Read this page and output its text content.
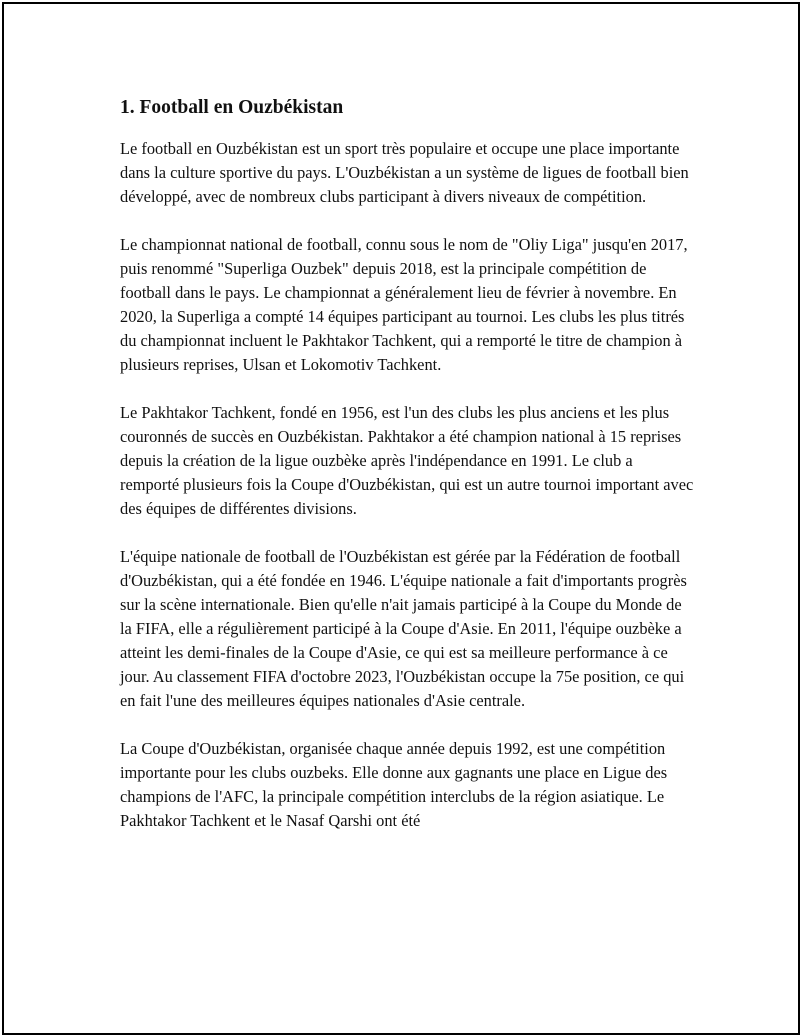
1. Football en Ouzbékistan

Le football en Ouzbékistan est un sport très populaire et occupe une place importante dans la culture sportive du pays. L'Ouzbékistan a un système de ligues de football bien développé, avec de nombreux clubs participant à divers niveaux de compétition.

Le championnat national de football, connu sous le nom de "Oliy Liga" jusqu'en 2017, puis renommé "Superliga Ouzbek" depuis 2018, est la principale compétition de football dans le pays. Le championnat a généralement lieu de février à novembre. En 2020, la Superliga a compté 14 équipes participant au tournoi. Les clubs les plus titrés du championnat incluent le Pakhtakor Tachkent, qui a remporté le titre de champion à plusieurs reprises, Ulsan et Lokomotiv Tachkent.

Le Pakhtakor Tachkent, fondé en 1956, est l'un des clubs les plus anciens et les plus couronnés de succès en Ouzbékistan. Pakhtakor a été champion national à 15 reprises depuis la création de la ligue ouzbèke après l'indépendance en 1991. Le club a remporté plusieurs fois la Coupe d'Ouzbékistan, qui est un autre tournoi important avec des équipes de différentes divisions.

L'équipe nationale de football de l'Ouzbékistan est gérée par la Fédération de football d'Ouzbékistan, qui a été fondée en 1946. L'équipe nationale a fait d'importants progrès sur la scène internationale. Bien qu'elle n'ait jamais participé à la Coupe du Monde de la FIFA, elle a régulièrement participé à la Coupe d'Asie. En 2011, l'équipe ouzbèke a atteint les demi-finales de la Coupe d'Asie, ce qui est sa meilleure performance à ce jour. Au classement FIFA d'octobre 2023, l'Ouzbékistan occupe la 75e position, ce qui en fait l'une des meilleures équipes nationales d'Asie centrale.

La Coupe d'Ouzbékistan, organisée chaque année depuis 1992, est une compétition importante pour les clubs ouzbeks. Elle donne aux gagnants une place en Ligue des champions de l'AFC, la principale compétition interclubs de la région asiatique. Le Pakhtakor Tachkent et le Nasaf Qarshi ont été
